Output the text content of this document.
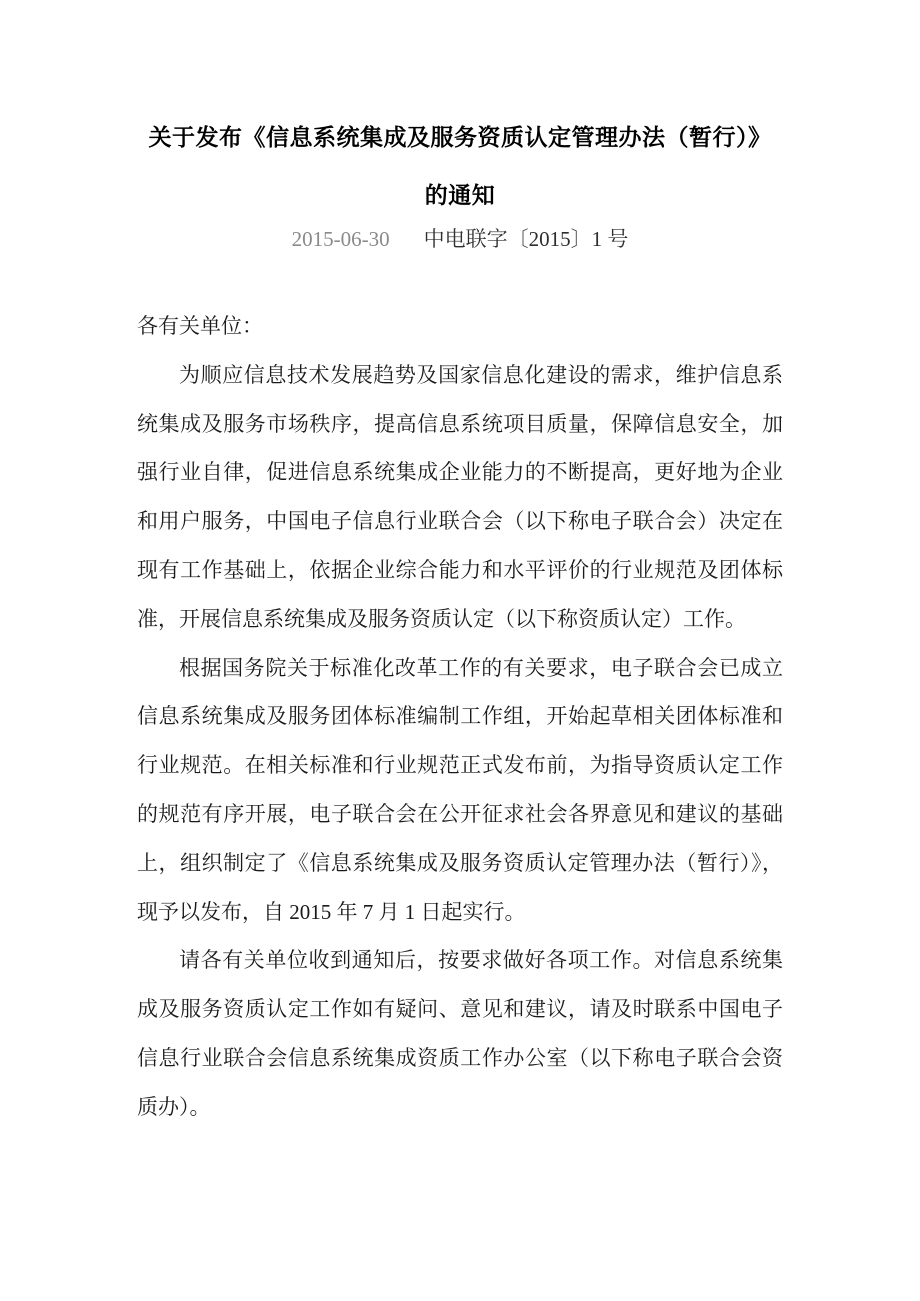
关于发布《信息系统集成及服务资质认定管理办法（暂行）》
的通知
2015-06-30 中电联字〔2015〕1 号

各有关单位：

为顺应信息技术发展趋势及国家信息化建设的需求，维护信息系统集成及服务市场秩序，提高信息系统项目质量，保障信息安全，加强行业自律，促进信息系统集成企业能力的不断提高，更好地为企业和用户服务，中国电子信息行业联合会（以下称电子联合会）决定在现有工作基础上，依据企业综合能力和水平评价的行业规范及团体标准，开展信息系统集成及服务资质认定（以下称资质认定）工作。

根据国务院关于标准化改革工作的有关要求，电子联合会已成立信息系统集成及服务团体标准编制工作组，开始起草相关团体标准和行业规范。在相关标准和行业规范正式发布前，为指导资质认定工作的规范有序开展，电子联合会在公开征求社会各界意见和建议的基础上，组织制定了《信息系统集成及服务资质认定管理办法（暂行）》，现予以发布，自 2015 年 7 月 1 日起实行。

请各有关单位收到通知后，按要求做好各项工作。对信息系统集成及服务资质认定工作如有疑问、意见和建议，请及时联系中国电子信息行业联合会信息系统集成资质工作办公室（以下称电子联合会资质办）。
